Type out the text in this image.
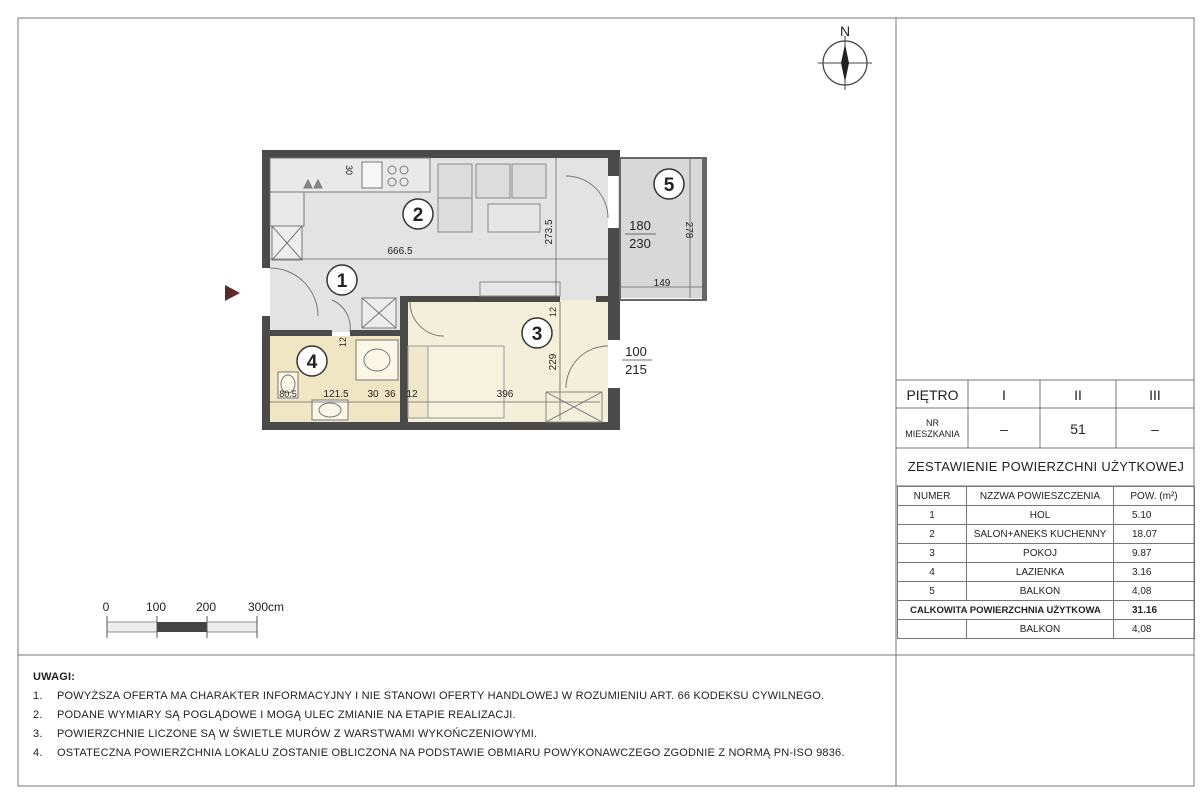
N
666.5
273.5	180
230
278
149
229
396
100
215
12
12
12
80.5	121.5 30 36
30
1
2
3
4
5
0	100 200	300cm
PIĘTRO	I	II	III
NR
MIESZKANIA	–	51	–
ZESTAWIENIE POWIERZCHNI UŻYTKOWEJ
NUMER	NZZWA POWIESZCZENIA	POW. (m²)
1	HOL	5.10
2	SALON+ANEKS KUCHENNY	18.07
3	POKOJ	9.87
4	LAZIENKA	3.16
5	BALKON	4,08
CALKOWITA POWIERZCHNIA UŻYTKOWA		31.16
	BALKON	4,08
UWAGI:
1.	POWYŻSZA OFERTA MA CHARAKTER INFORMACYJNY I NIE STANOWI OFERTY HANDLOWEJ W ROZUMIENIU ART. 66 KODEKSU CYWILNEGO.
2.	PODANE WYMIARY SĄ POGLĄDOWE I MOGĄ ULEC ZMIANIE NA ETAPIE REALIZACJI.
3.	POWIERZCHNIE LICZONE SĄ W ŚWIETLE MURÓW Z WARSTWAMI WYKOŃCZENIOWYMI.
4.	OSTATECZNA POWIERZCHNIA LOKALU ZOSTANIE OBLICZONA NA PODSTAWIE OBMIARU POWYKONAWCZEGO ZGODNIE Z NORMĄ PN-ISO 9836.
